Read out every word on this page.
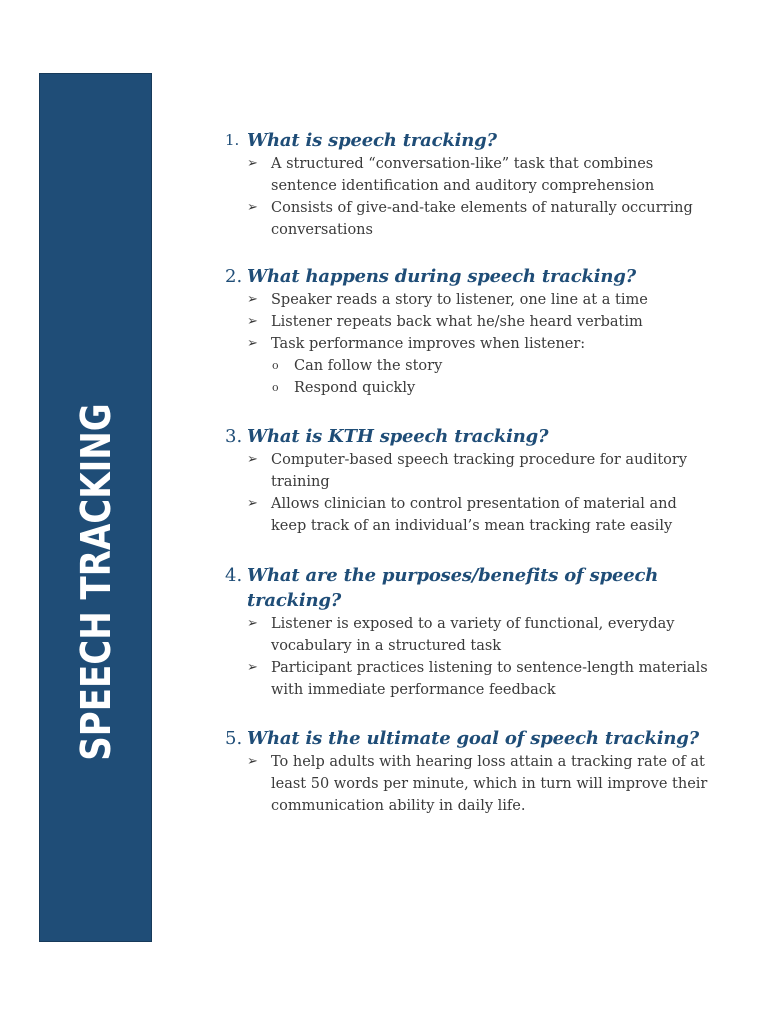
SPEECH TRACKING
1. What is speech tracking?
➢ A structured “conversation-like” task that combines sentence identification and auditory comprehension
➢ Consists of give-and-take elements of naturally occurring conversations
2. What happens during speech tracking?
➢ Speaker reads a story to listener, one line at a time
➢ Listener repeats back what he/she heard verbatim
➢ Task performance improves when listener:
o	Can follow the story
o	Respond quickly
3. What is KTH speech tracking?
➢ Computer-based speech tracking procedure for auditory training
➢ Allows clinician to control presentation of material and keep track of an individual’s mean tracking rate easily
4. What are the purposes/benefits of speech tracking?
➢ Listener is exposed to a variety of functional, everyday vocabulary in a structured task
➢ Participant practices listening to sentence-length materials with immediate performance feedback
5. What is the ultimate goal of speech tracking?
➢ To help adults with hearing loss attain a tracking rate of at least 50 words per minute, which in turn will improve their communication ability in daily life.
